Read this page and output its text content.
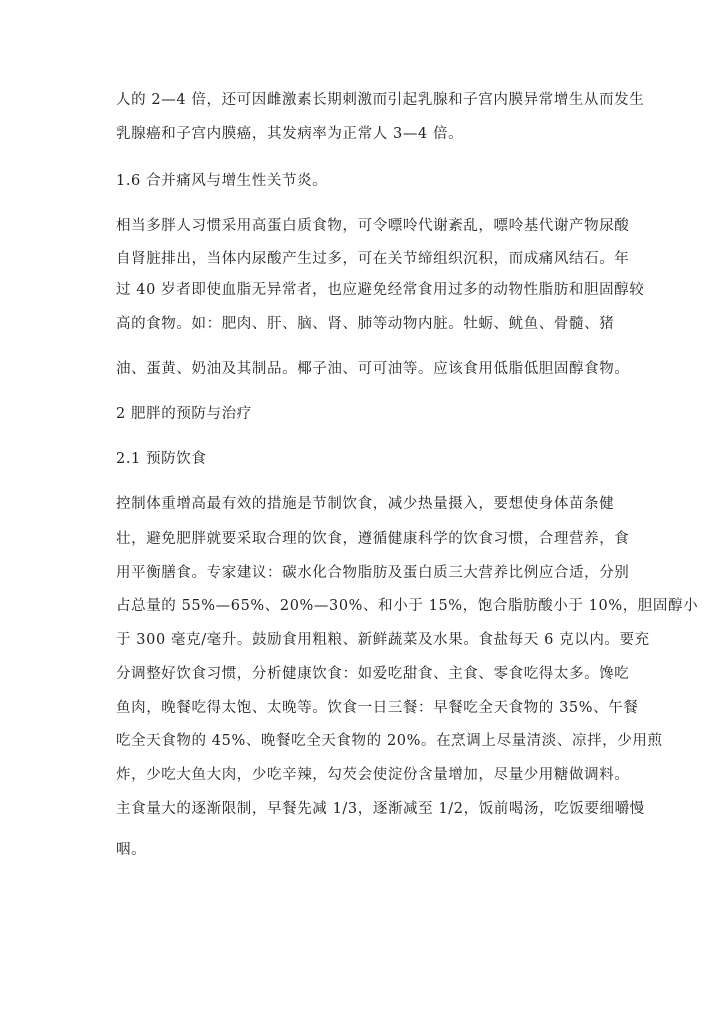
人的 2—4 倍，还可因雌激素长期刺激而引起乳腺和子宫内膜异常增生从而发生
乳腺癌和子宫内膜癌，其发病率为正常人 3—4 倍。
1.6 合并痛风与增生性关节炎。
相当多胖人习惯采用高蛋白质食物，可令嘌呤代谢紊乱，嘌呤基代谢产物尿酸
自肾脏排出，当体内尿酸产生过多，可在关节缔组织沉积，而成痛风结石。年
过 40 岁者即使血脂无异常者，也应避免经常食用过多的动物性脂肪和胆固醇较
高的食物。如：肥肉、肝、脑、肾、肺等动物内脏。牡蛎、鱿鱼、骨髓、猪
油、蛋黄、奶油及其制品。椰子油、可可油等。应该食用低脂低胆固醇食物。
2 肥胖的预防与治疗
2.1 预防饮食
控制体重增高最有效的措施是节制饮食，减少热量摄入，要想使身体苗条健
壮，避免肥胖就要采取合理的饮食，遵循健康科学的饮食习惯，合理营养，食
用平衡膳食。专家建议：碳水化合物脂肪及蛋白质三大营养比例应合适，分别
占总量的 55%—65%、20%—30%、和小于 15%，饱合脂肪酸小于 10%，胆固醇小
于 300 毫克/毫升。鼓励食用粗粮、新鲜蔬菜及水果。食盐每天 6 克以内。要充
分调整好饮食习惯，分析健康饮食：如爱吃甜食、主食、零食吃得太多。馋吃
鱼肉，晚餐吃得太饱、太晚等。饮食一日三餐：早餐吃全天食物的 35%、午餐
吃全天食物的 45%、晚餐吃全天食物的 20%。在烹调上尽量清淡、凉拌，少用煎
炸，少吃大鱼大肉，少吃辛辣，勾芡会使淀份含量增加，尽量少用糖做调料。
主食量大的逐渐限制，早餐先减 1/3，逐渐减至 1/2，饭前喝汤，吃饭要细嚼慢
咽。
